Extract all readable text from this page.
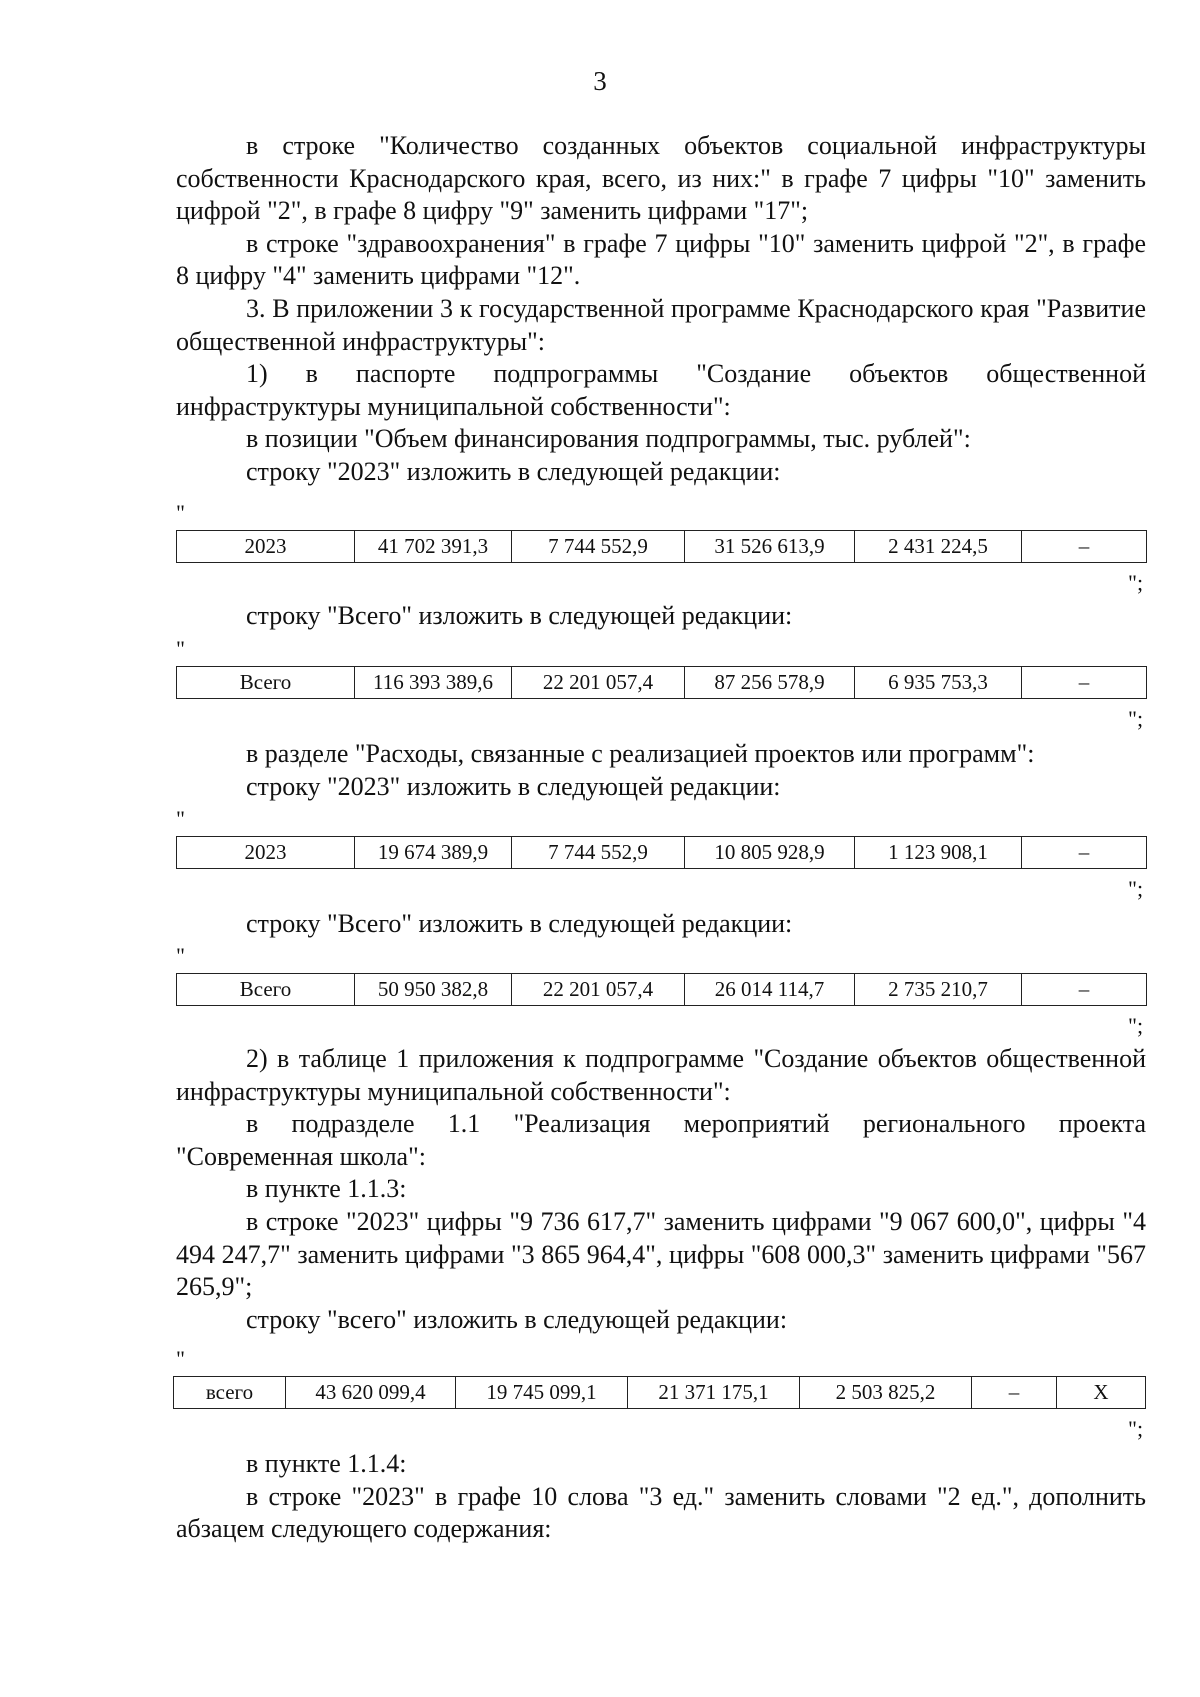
3

в строке "Количество созданных объектов социальной инфраструктуры собственности Краснодарского края, всего, из них:" в графе 7 цифры "10" заменить цифрой "2", в графе 8 цифру "9" заменить цифрами "17";

в строке "здравоохранения" в графе 7 цифры "10" заменить цифрой "2", в графе 8 цифру "4" заменить цифрами "12".

3. В приложении 3 к государственной программе Краснодарского края "Развитие общественной инфраструктуры":

1) в паспорте подпрограммы "Создание объектов общественной инфраструктуры муниципальной собственности":

в позиции "Объем финансирования подпрограммы, тыс. рублей":

строку "2023" изложить в следующей редакции:

"
2023	41 702 391,3	7 744 552,9	31 526 613,9	2 431 224,5	–
";

строку "Всего" изложить в следующей редакции:

"
Всего	116 393 389,6	22 201 057,4	87 256 578,9	6 935 753,3	–
";

в разделе "Расходы, связанные с реализацией проектов или программ":

строку "2023" изложить в следующей редакции:

"
2023	19 674 389,9	7 744 552,9	10 805 928,9	1 123 908,1	–
";

строку "Всего" изложить в следующей редакции:

"
Всего	50 950 382,8	22 201 057,4	26 014 114,7	2 735 210,7	–
";

2) в таблице 1 приложения к подпрограмме "Создание объектов общественной инфраструктуры муниципальной собственности":

в подразделе 1.1 "Реализация мероприятий регионального проекта "Современная школа":

в пункте 1.1.3:

в строке "2023" цифры "9 736 617,7" заменить цифрами "9 067 600,0", цифры "4 494 247,7" заменить цифрами "3 865 964,4", цифры "608 000,3" заменить цифрами "567 265,9";

строку "всего" изложить в следующей редакции:

"
всего	43 620 099,4	19 745 099,1	21 371 175,1	2 503 825,2	–	Х
";

в пункте 1.1.4:

в строке "2023" в графе 10 слова "3 ед." заменить словами "2 ед.", дополнить абзацем следующего содержания:
